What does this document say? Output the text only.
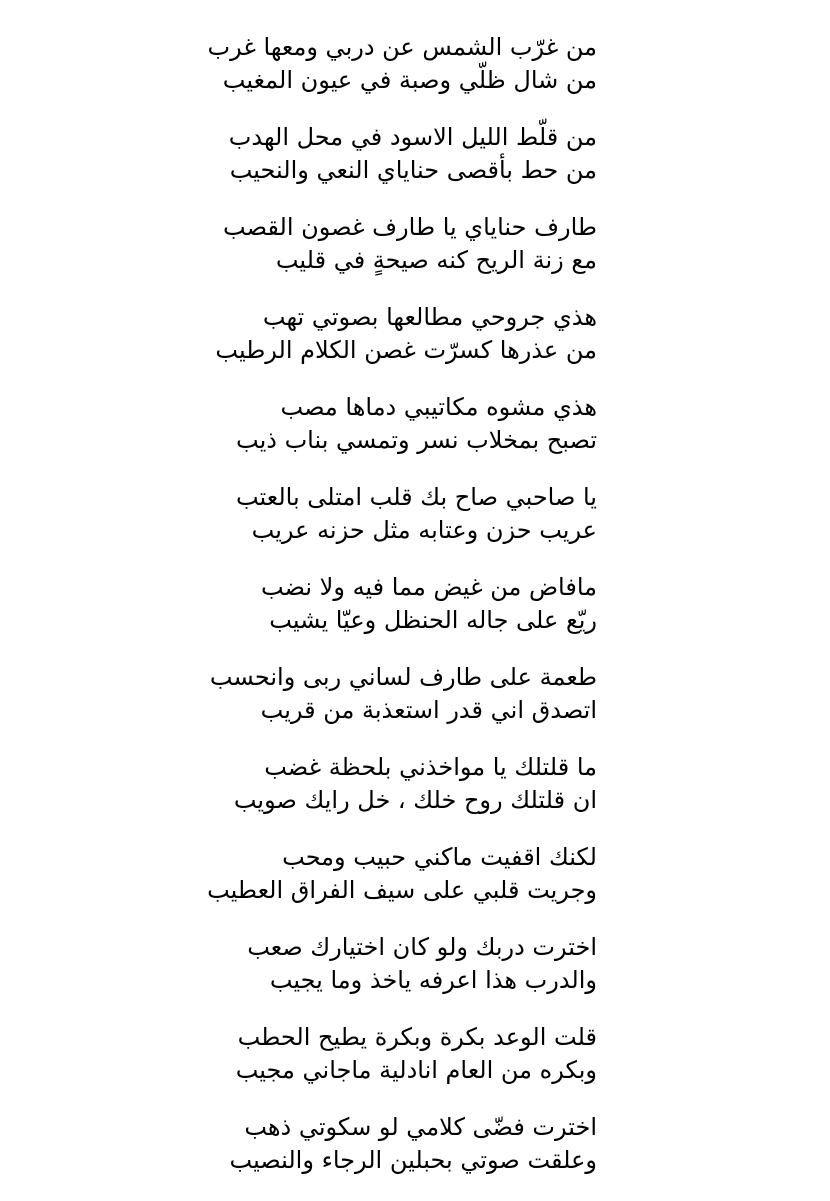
من غرّب الشمس عن دربي ومعها غرب
من شال ظلّي وصبة في عيون المغيب
من قلّط الليل الاسود في محل الهدب
من حط بأقصى حناياي النعي والنحيب
طارف حناياي يا طارف غصون القصب
مع زنة الريح كنه صيحةٍ في قليب
هذي جروحي مطالعها بصوتي تهب
من عذرها كسرّت غصن الكلام الرطيب
هذي مشوه مكاتيبي دماها مصب
تصبح بمخلاب نسر وتمسي بناب ذيب
يا صاحبي صاح بك قلب امتلى بالعتب
عريب حزن وعتابه مثل حزنه عريب
مافاض من غيض مما فيه ولا نضب
ريّع على جاله الحنظل وعيّا يشيب
طعمة على طارف لساني ربى وانحسب
اتصدق اني قدر استعذبة من قريب
ما قلتلك يا مواخذني بلحظة غضب
ان قلتلك روح خلك ، خل رايك صويب
لكنك اقفيت ماكني حبيب ومحب
وجريت قلبي على سيف الفراق العطيب
اخترت دربك ولو كان اختيارك صعب
والدرب هذا اعرفه ياخذ وما يجيب
قلت الوعد بكرة وبكرة يطيح الحطب
وبكره من العام انادلية ماجاني مجيب
اخترت فضّى كلامي لو سكوتي ذهب
وعلقت صوتي بحبلين الرجاء والنصيب
